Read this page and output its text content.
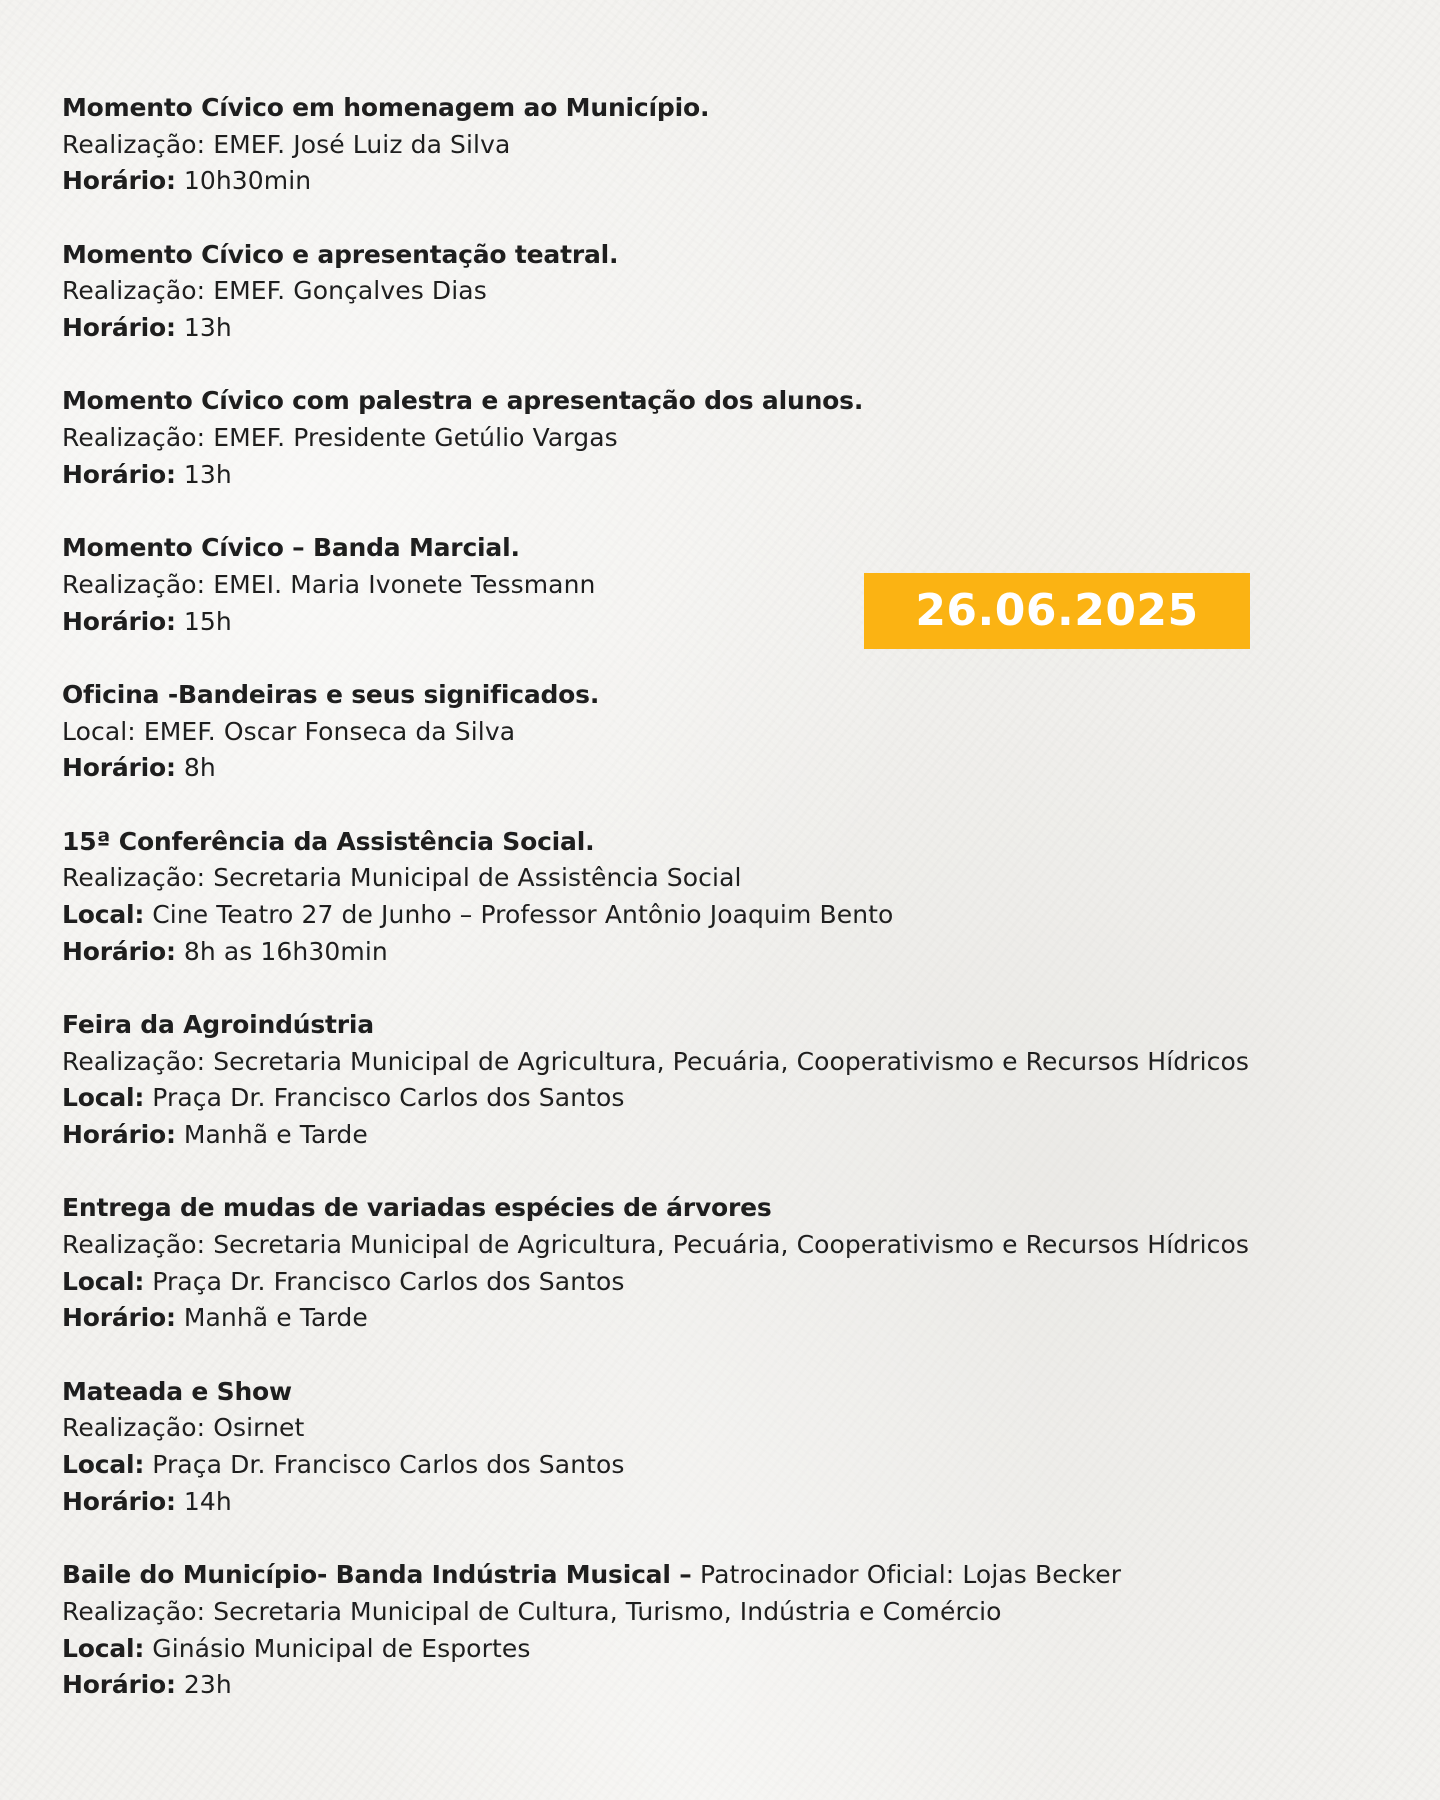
Momento Cívico em homenagem ao Município.
Realização: EMEF. José Luiz da Silva
Horário: 10h30min
Momento Cívico e apresentação teatral.
Realização: EMEF. Gonçalves Dias
Horário: 13h
Momento Cívico com palestra e apresentação dos alunos.
Realização: EMEF. Presidente Getúlio Vargas
Horário: 13h
Momento Cívico – Banda Marcial.
Realização: EMEI. Maria Ivonete Tessmann
Horário: 15h
Oficina -Bandeiras e seus significados.
Local: EMEF. Oscar Fonseca da Silva
Horário: 8h
15ª Conferência da Assistência Social.
Realização: Secretaria Municipal de Assistência Social
Local: Cine Teatro 27 de Junho – Professor Antônio Joaquim Bento
Horário: 8h as 16h30min
Feira da Agroindústria
Realização: Secretaria Municipal de Agricultura, Pecuária, Cooperativismo e Recursos Hídricos
Local: Praça Dr. Francisco Carlos dos Santos
Horário: Manhã e Tarde
Entrega de mudas de variadas espécies de árvores
Realização: Secretaria Municipal de Agricultura, Pecuária, Cooperativismo e Recursos Hídricos
Local: Praça Dr. Francisco Carlos dos Santos
Horário: Manhã e Tarde
Mateada e Show
Realização: Osirnet
Local: Praça Dr. Francisco Carlos dos Santos
Horário: 14h
Baile do Município- Banda Indústria Musical – Patrocinador Oficial: Lojas Becker
Realização: Secretaria Municipal de Cultura, Turismo, Indústria e Comércio
Local: Ginásio Municipal de Esportes
Horário: 23h
26.06.2025
